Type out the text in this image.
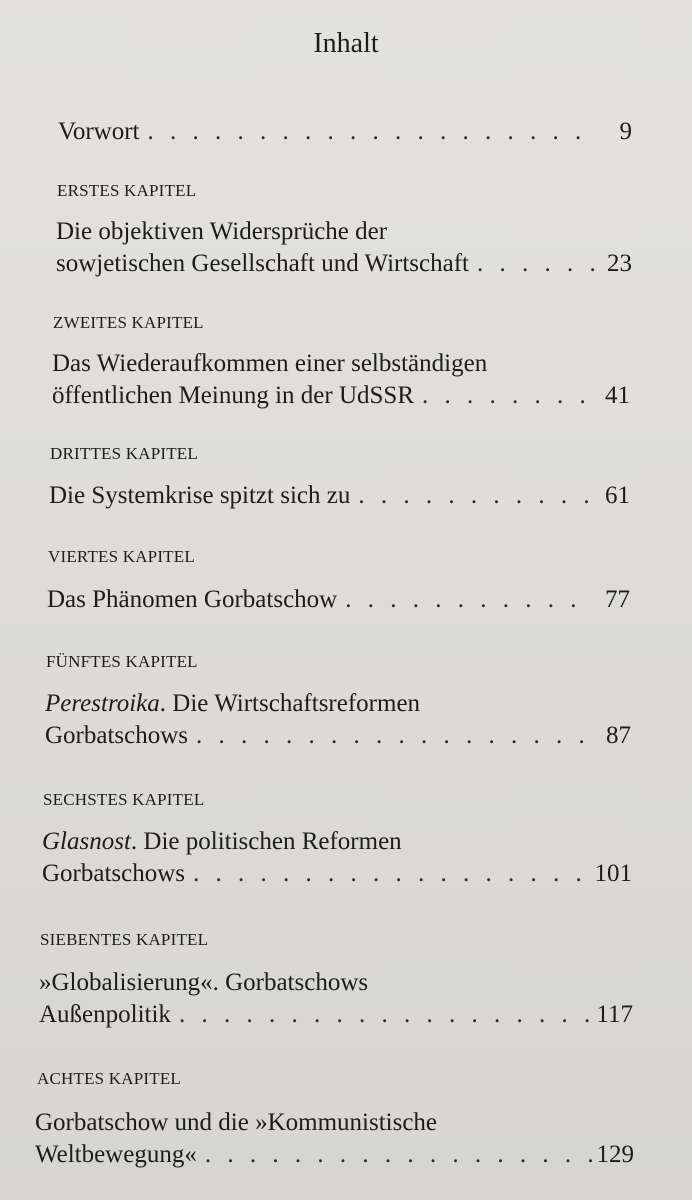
Inhalt
Vorwort . . .	9
ERSTES KAPITEL
Die objektiven Widersprüche der
sowjetischen Gesellschaft und Wirtschaft . . .	23
ZWEITES KAPITEL
Das Wiederaufkommen einer selbständigen
öffentlichen Meinung in der UdSSR . . .	41
DRITTES KAPITEL
Die Systemkrise spitzt sich zu . . .	61
VIERTES KAPITEL
Das Phänomen Gorbatschow . . .	77
FÜNFTES KAPITEL
Perestroika . Die Wirtschaftsreformen
Gorbatschows . . .	87
SECHSTES KAPITEL
Glasnost . Die politischen Reformen
Gorbatschows . . .	101
SIEBENTES KAPITEL
»Globalisierung«. Gorbatschows
Außenpolitik . . .	117
ACHTES KAPITEL
Gorbatschow und die »Kommunistische
Weltbewegung« . . .	129
